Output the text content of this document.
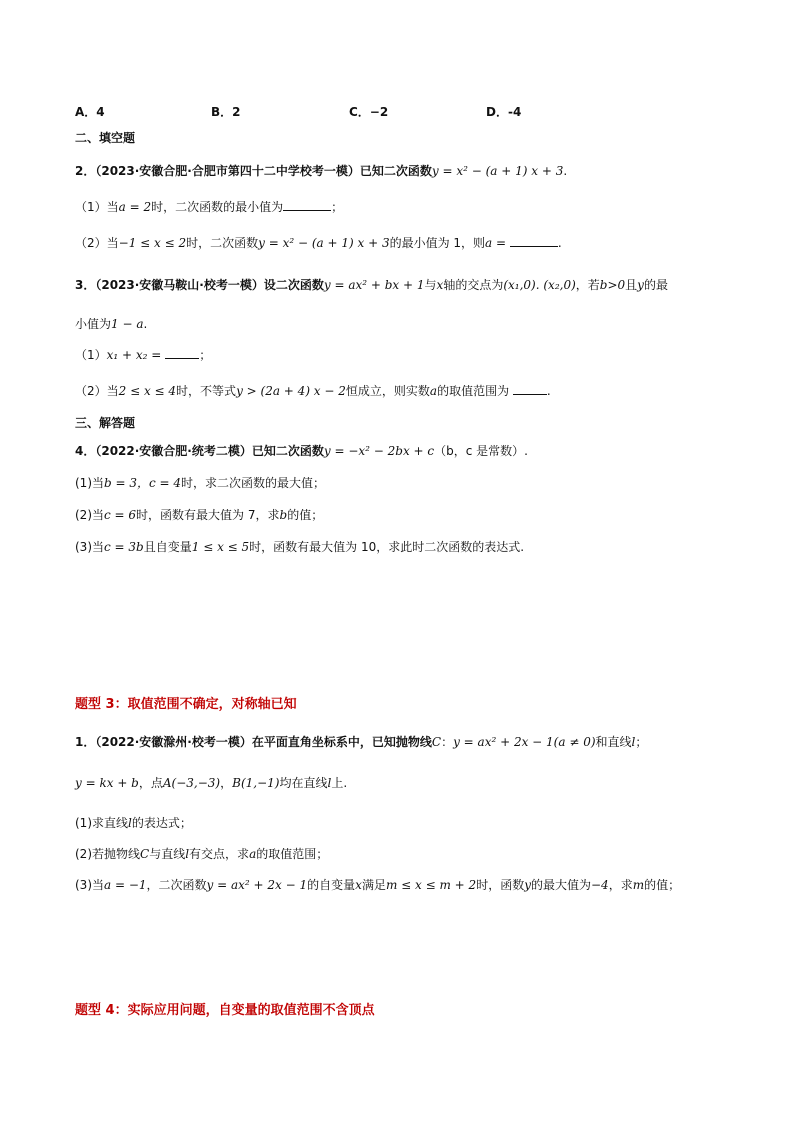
A．4	B．2	C．−2	D．-4
二、填空题
2．（2023·安徽合肥·合肥市第四十二中学校考一模）已知二次函数y = x² − (a + 1) x + 3.
（1）当a = 2时，二次函数的最小值为	；
（2）当−1 ≤ x ≤ 2时，二次函数y = x² − (a + 1) x + 3的最小值为 1，则a =	.
3．（2023·安徽马鞍山·校考一模）设二次函数y = ax² + bx + 1与x轴的交点为(x₁,0). (x₂,0)，若b>0且y的最
小值为1 − a.
（1）x₁ + x₂ =	；
（2）当2 ≤ x ≤ 4时，不等式y > (2a + 4) x − 2恒成立，则实数a的取值范围为	.
三、解答题
4．（2022·安徽合肥·统考二模）已知二次函数y = −x² − 2bx + c（b，c 是常数）.
(1)当b = 3，c = 4时，求二次函数的最大值；
(2)当c = 6时，函数有最大值为 7，求b的值；
(3)当c = 3b且自变量1 ≤ x ≤ 5时，函数有最大值为 10，求此时二次函数的表达式.
题型 3：取值范围不确定，对称轴已知
1．（2022·安徽滁州·校考一模）在平面直角坐标系中，已知抛物线C：y = ax² + 2x − 1(a ≠ 0)和直线l；
y = kx + b，点A(−3,−3)，B(1,−1)均在直线l上.
(1)求直线l的表达式；
(2)若抛物线C与直线l有交点，求a的取值范围；
(3)当a = −1，二次函数y = ax² + 2x − 1的自变量x满足m ≤ x ≤ m + 2时，函数y的最大值为−4，求m的值；
题型 4：实际应用问题，自变量的取值范围不含顶点
